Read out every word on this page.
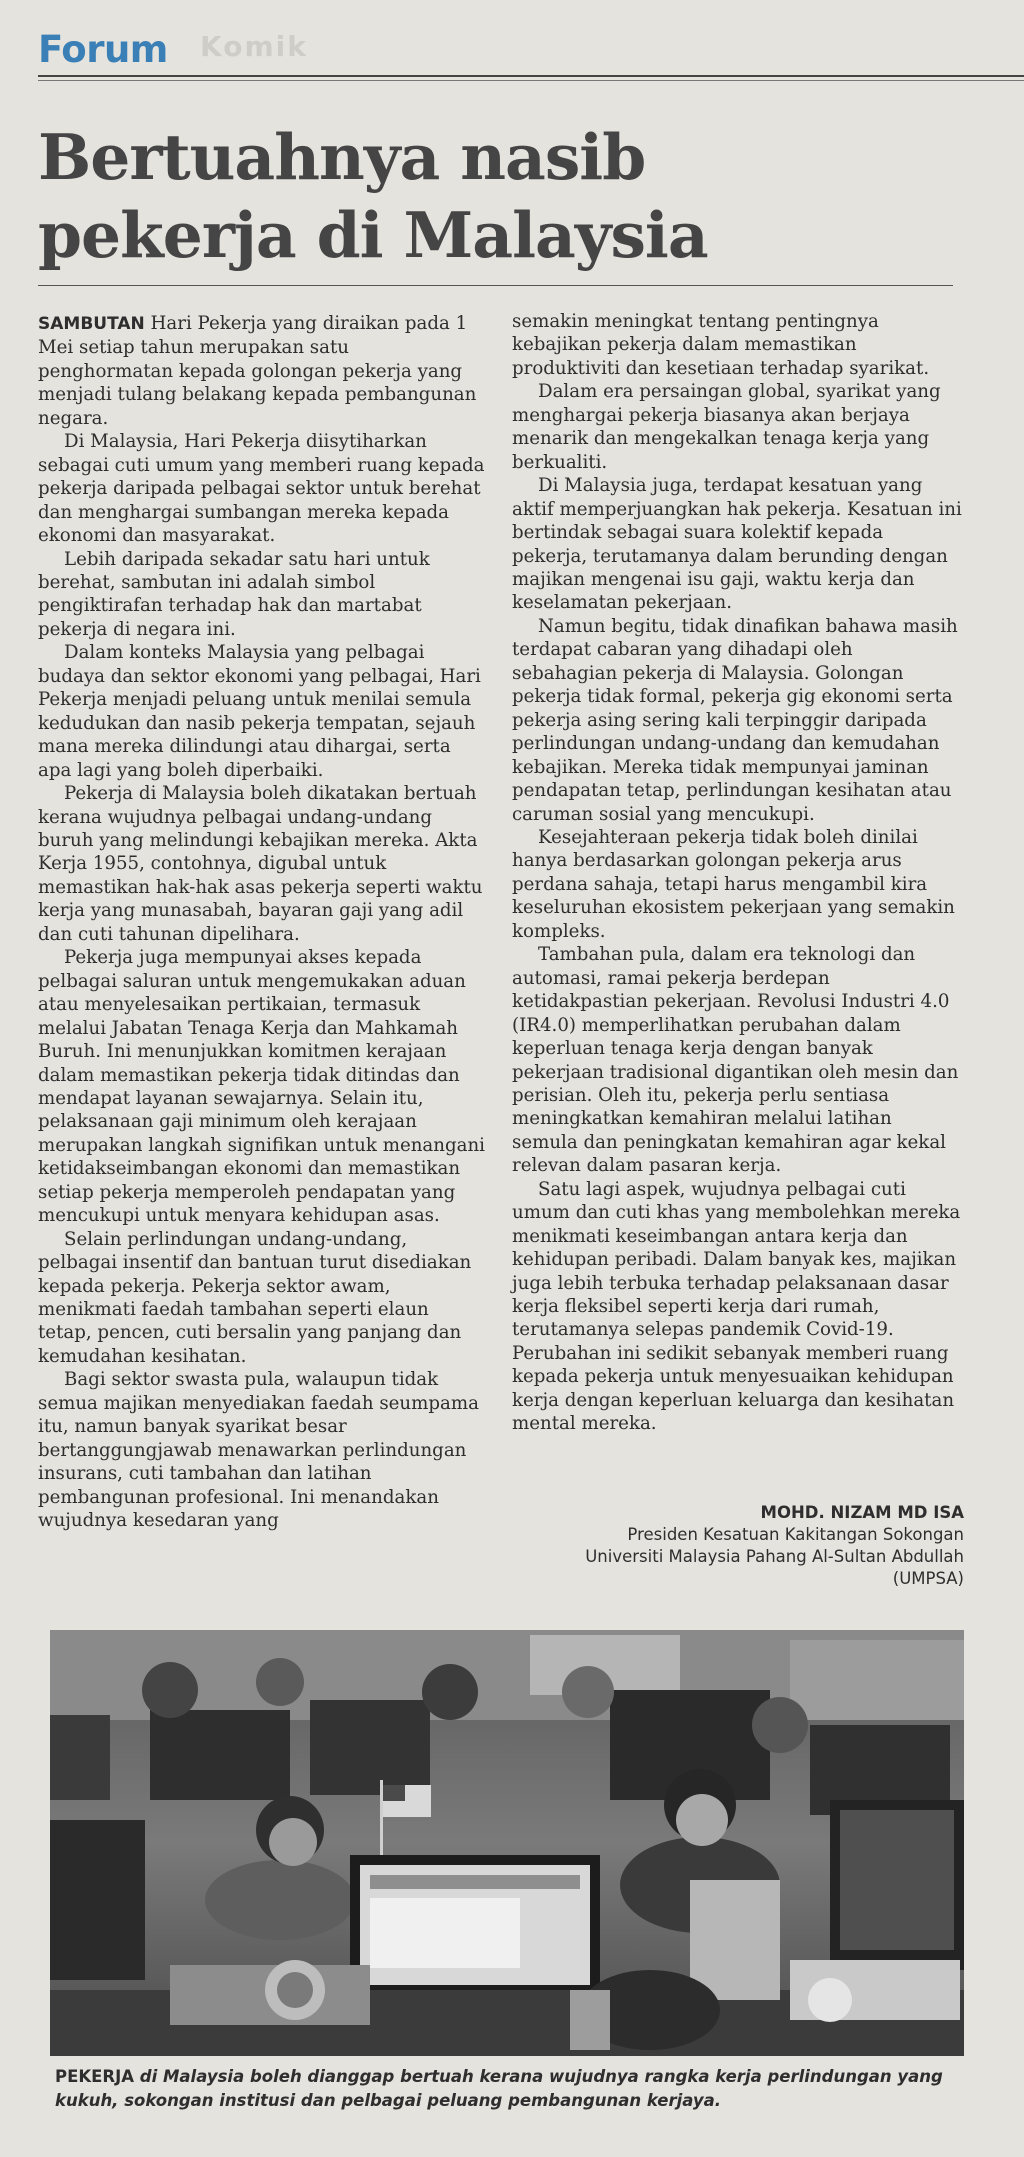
Forum Komik
Bertuahnya nasib
pekerja di Malaysia

SAMBUTAN Hari Pekerja yang diraikan pada 1 Mei setiap tahun merupakan satu penghormatan kepada golongan pekerja yang menjadi tulang belakang kepada pembangunan negara.

Di Malaysia, Hari Pekerja diisytiharkan sebagai cuti umum yang memberi ruang kepada pekerja daripada pelbagai sektor untuk berehat dan menghargai sumbangan mereka kepada ekonomi dan masyarakat.

Lebih daripada sekadar satu hari untuk berehat, sambutan ini adalah simbol pengiktirafan terhadap hak dan martabat pekerja di negara ini.

Dalam konteks Malaysia yang pelbagai budaya dan sektor ekonomi yang pelbagai, Hari Pekerja menjadi peluang untuk menilai semula kedudukan dan nasib pekerja tempatan, sejauh mana mereka dilindungi atau dihargai, serta apa lagi yang boleh diperbaiki.

Pekerja di Malaysia boleh dikatakan bertuah kerana wujudnya pelbagai undang-undang buruh yang melindungi kebajikan mereka. Akta Kerja 1955, contohnya, digubal untuk memastikan hak-hak asas pekerja seperti waktu kerja yang munasabah, bayaran gaji yang adil dan cuti tahunan dipelihara.

Pekerja juga mempunyai akses kepada pelbagai saluran untuk mengemukakan aduan atau menyelesaikan pertikaian, termasuk melalui Jabatan Tenaga Kerja dan Mahkamah Buruh. Ini menunjukkan komitmen kerajaan dalam memastikan pekerja tidak ditindas dan mendapat layanan sewajarnya. Selain itu, pelaksanaan gaji minimum oleh kerajaan merupakan langkah signifikan untuk menangani ketidakseimbangan ekonomi dan memastikan setiap pekerja memperoleh pendapatan yang mencukupi untuk menyara kehidupan asas.

Selain perlindungan undang-undang, pelbagai insentif dan bantuan turut disediakan kepada pekerja. Pekerja sektor awam, menikmati faedah tambahan seperti elaun tetap, pencen, cuti bersalin yang panjang dan kemudahan kesihatan.

Bagi sektor swasta pula, walaupun tidak semua majikan menyediakan faedah seumpama itu, namun banyak syarikat besar bertanggungjawab menawarkan perlindungan insurans, cuti tambahan dan latihan pembangunan profesional. Ini menandakan wujudnya kesedaran yang

semakin meningkat tentang pentingnya kebajikan pekerja dalam memastikan produktiviti dan kesetiaan terhadap syarikat.

Dalam era persaingan global, syarikat yang menghargai pekerja biasanya akan berjaya menarik dan mengekalkan tenaga kerja yang berkualiti.

Di Malaysia juga, terdapat kesatuan yang aktif memperjuangkan hak pekerja. Kesatuan ini bertindak sebagai suara kolektif kepada pekerja, terutamanya dalam berunding dengan majikan mengenai isu gaji, waktu kerja dan keselamatan pekerjaan.

Namun begitu, tidak dinafikan bahawa masih terdapat cabaran yang dihadapi oleh sebahagian pekerja di Malaysia. Golongan pekerja tidak formal, pekerja gig ekonomi serta pekerja asing sering kali terpinggir daripada perlindungan undang-undang dan kemudahan kebajikan. Mereka tidak mempunyai jaminan pendapatan tetap, perlindungan kesihatan atau caruman sosial yang mencukupi.

Kesejahteraan pekerja tidak boleh dinilai hanya berdasarkan golongan pekerja arus perdana sahaja, tetapi harus mengambil kira keseluruhan ekosistem pekerjaan yang semakin kompleks.

Tambahan pula, dalam era teknologi dan automasi, ramai pekerja berdepan ketidakpastian pekerjaan. Revolusi Industri 4.0 (IR4.0) memperlihatkan perubahan dalam keperluan tenaga kerja dengan banyak pekerjaan tradisional digantikan oleh mesin dan perisian. Oleh itu, pekerja perlu sentiasa meningkatkan kemahiran melalui latihan semula dan peningkatan kemahiran agar kekal relevan dalam pasaran kerja.

Satu lagi aspek, wujudnya pelbagai cuti umum dan cuti khas yang membolehkan mereka menikmati keseimbangan antara kerja dan kehidupan peribadi. Dalam banyak kes, majikan juga lebih terbuka terhadap pelaksanaan dasar kerja fleksibel seperti kerja dari rumah, terutamanya selepas pandemik Covid-19. Perubahan ini sedikit sebanyak memberi ruang kepada pekerja untuk menyesuaikan kehidupan kerja dengan keperluan keluarga dan kesihatan mental mereka.

MOHD. NIZAM MD ISA
Presiden Kesatuan Kakitangan Sokongan
Universiti Malaysia Pahang Al-Sultan Abdullah
(UMPSA)
PEKERJA di Malaysia boleh dianggap bertuah kerana wujudnya rangka kerja perlindungan yang kukuh, sokongan institusi dan pelbagai peluang pembangunan kerjaya.
